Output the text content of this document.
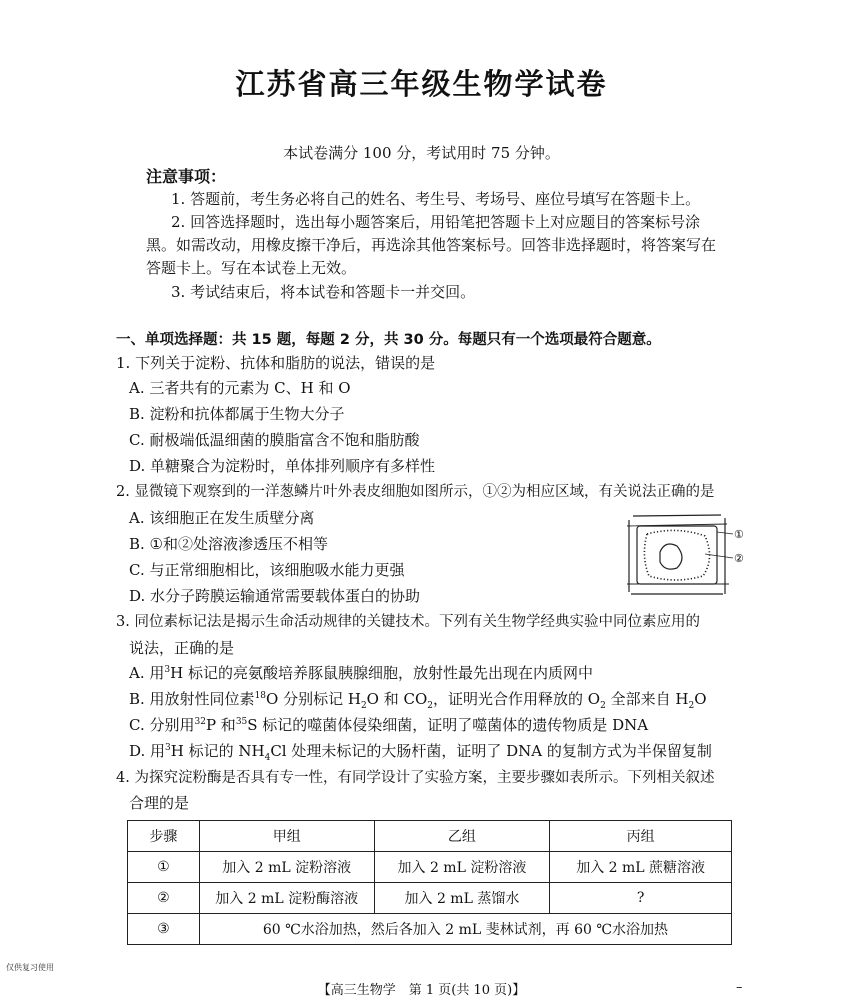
江苏省高三年级生物学试卷
本试卷满分 100 分，考试用时 75 分钟。
注意事项：
1. 答题前，考生务必将自己的姓名、考生号、考场号、座位号填写在答题卡上。
2. 回答选择题时，选出每小题答案后，用铅笔把答题卡上对应题目的答案标号涂
黑。如需改动，用橡皮擦干净后，再选涂其他答案标号。回答非选择题时，将答案写在
答题卡上。写在本试卷上无效。
3. 考试结束后，将本试卷和答题卡一并交回。
一、单项选择题：共 15 题，每题 2 分，共 30 分。每题只有一个选项最符合题意。
1. 下列关于淀粉、抗体和脂肪的说法，错误的是
A. 三者共有的元素为 C、H 和 O
B. 淀粉和抗体都属于生物大分子
C. 耐极端低温细菌的膜脂富含不饱和脂肪酸
D. 单糖聚合为淀粉时，单体排列顺序有多样性
2. 显微镜下观察到的一洋葱鳞片叶外表皮细胞如图所示，①②为相应区域，有关说法正确的是
A. 该细胞正在发生质壁分离
B. ①和②处溶液渗透压不相等
C. 与正常细胞相比，该细胞吸水能力更强
D. 水分子跨膜运输通常需要载体蛋白的协助
①
②
3. 同位素标记法是揭示生命活动规律的关键技术。下列有关生物学经典实验中同位素应用的
说法，正确的是
A. 用$^3$H 标记的亮氨酸培养豚鼠胰腺细胞，放射性最先出现在内质网中
B. 用放射性同位素$^{18}$O 分别标记 $H_2O$ 和 $CO_2$，证明光合作用释放的 $O_2$ 全部来自 $H_2O$
C. 分别用$^{32}$P 和$^{35}$S 标记的噬菌体侵染细菌，证明了噬菌体的遗传物质是 DNA
D. 用$^3$H 标记的 $NH_4Cl$ 处理未标记的大肠杆菌，证明了 DNA 的复制方式为半保留复制
4. 为探究淀粉酶是否具有专一性，有同学设计了实验方案，主要步骤如表所示。下列相关叙述
合理的是
步骤	甲组	乙组	丙组
①	加入 2 mL 淀粉溶液	加入 2 mL 淀粉溶液	加入 2 mL 蔗糖溶液
②	加入 2 mL 淀粉酶溶液	加入 2 mL 蒸馏水	?
③	60 ℃水浴加热，然后各加入 2 mL 斐林试剂，再 60 ℃水浴加热		
仅供复习使用
【高三生物学　第 1 页(共 10 页)】	–
